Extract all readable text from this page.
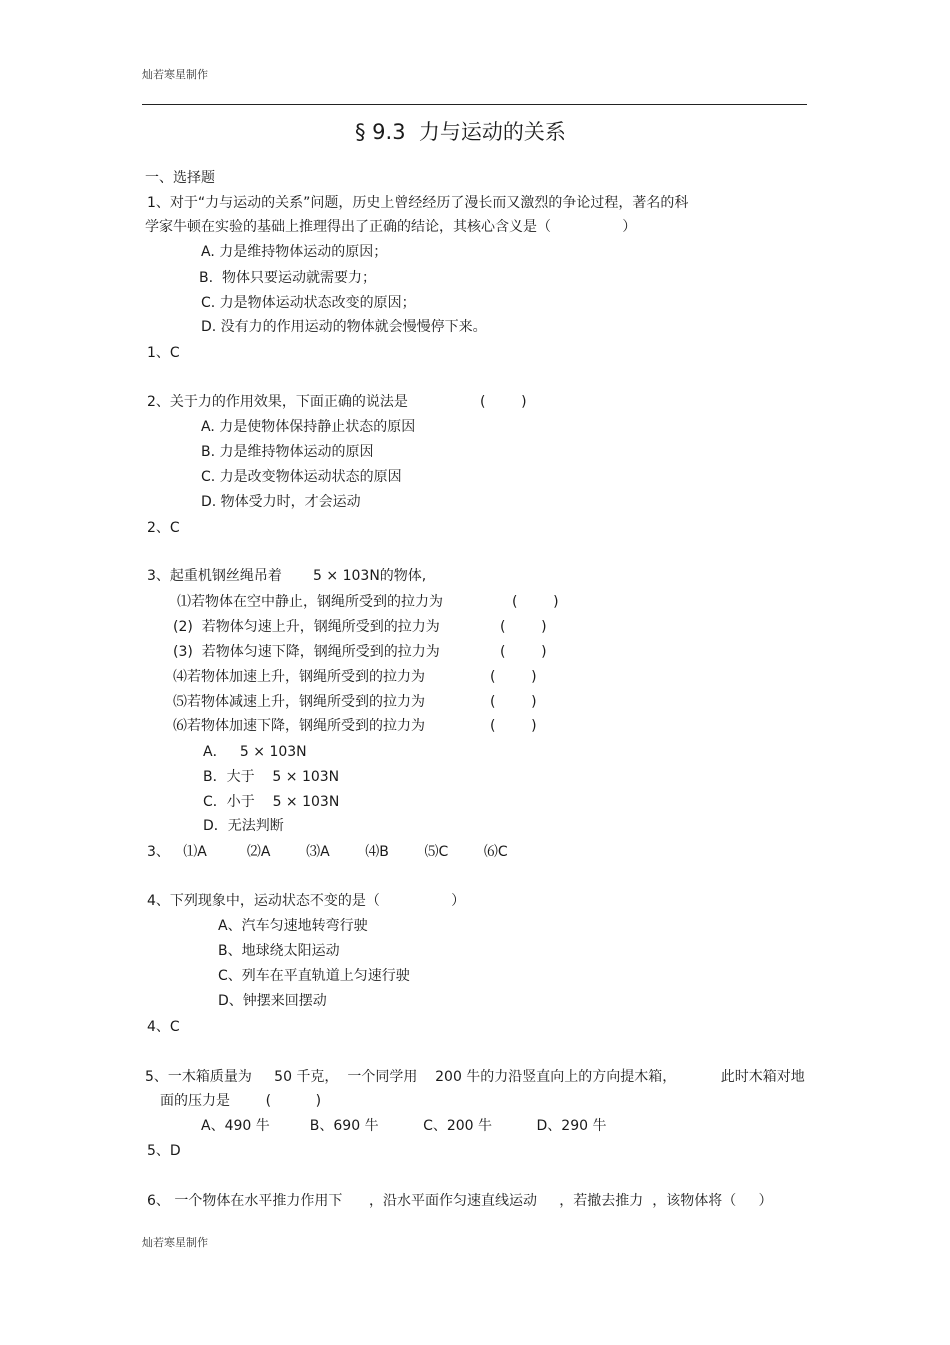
灿若寒星制作
§ 9.3  力与运动的关系
一、选择题
1、对于“力与运动的关系”问题，历史上曾经经历了漫长而又激烈的争论过程，著名的科
学家牛顿在实验的基础上推理得出了正确的结论，其核心含义是（                ）
A. 力是维持物体运动的原因；
B.  物体只要运动就需要力；
C. 力是物体运动状态改变的原因；
D. 没有力的作用运动的物体就会慢慢停下来。
1、C
2、关于力的作用效果，下面正确的说法是	(        )
A. 力是使物体保持静止状态的原因
B. 力是维持物体运动的原因
C. 力是改变物体运动状态的原因
D. 物体受力时，才会运动
2、C
3、起重机钢丝绳吊着       5 × 103N的物体,
⑴若物体在空中静止，钢绳所受到的拉力为	(        )
(2)  若物体匀速上升，钢绳所受到的拉力为	(        )
(3)  若物体匀速下降，钢绳所受到的拉力为	(        )
⑷若物体加速上升，钢绳所受到的拉力为	(        )
⑸若物体减速上升，钢绳所受到的拉力为	(        )
⑹若物体加速下降，钢绳所受到的拉力为	(        )
A．   5 × 103N
B．大于    5 × 103N
C．小于    5 × 103N
D．无法判断
3、   ⑴A         ⑵A        ⑶A        ⑷B        ⑸C        ⑹C
4、下列现象中，运动状态不变的是（                ）
A、汽车匀速地转弯行驶
B、地球绕太阳运动
C、列车在平直轨道上匀速行驶
D、钟摆来回摆动
4、C
5、一木箱质量为     50 千克，  一个同学用    200 牛的力沿竖直向上的方向提木箱，          此时木箱对地
面的压力是        (          )
A、490 牛         B、690 牛          C、200 牛          D、290 牛
5、D
6、 一个物体在水平推力作用下      ，沿水平面作匀速直线运动     ，若撤去推力  ，该物体将（     ）
灿若寒星制作
